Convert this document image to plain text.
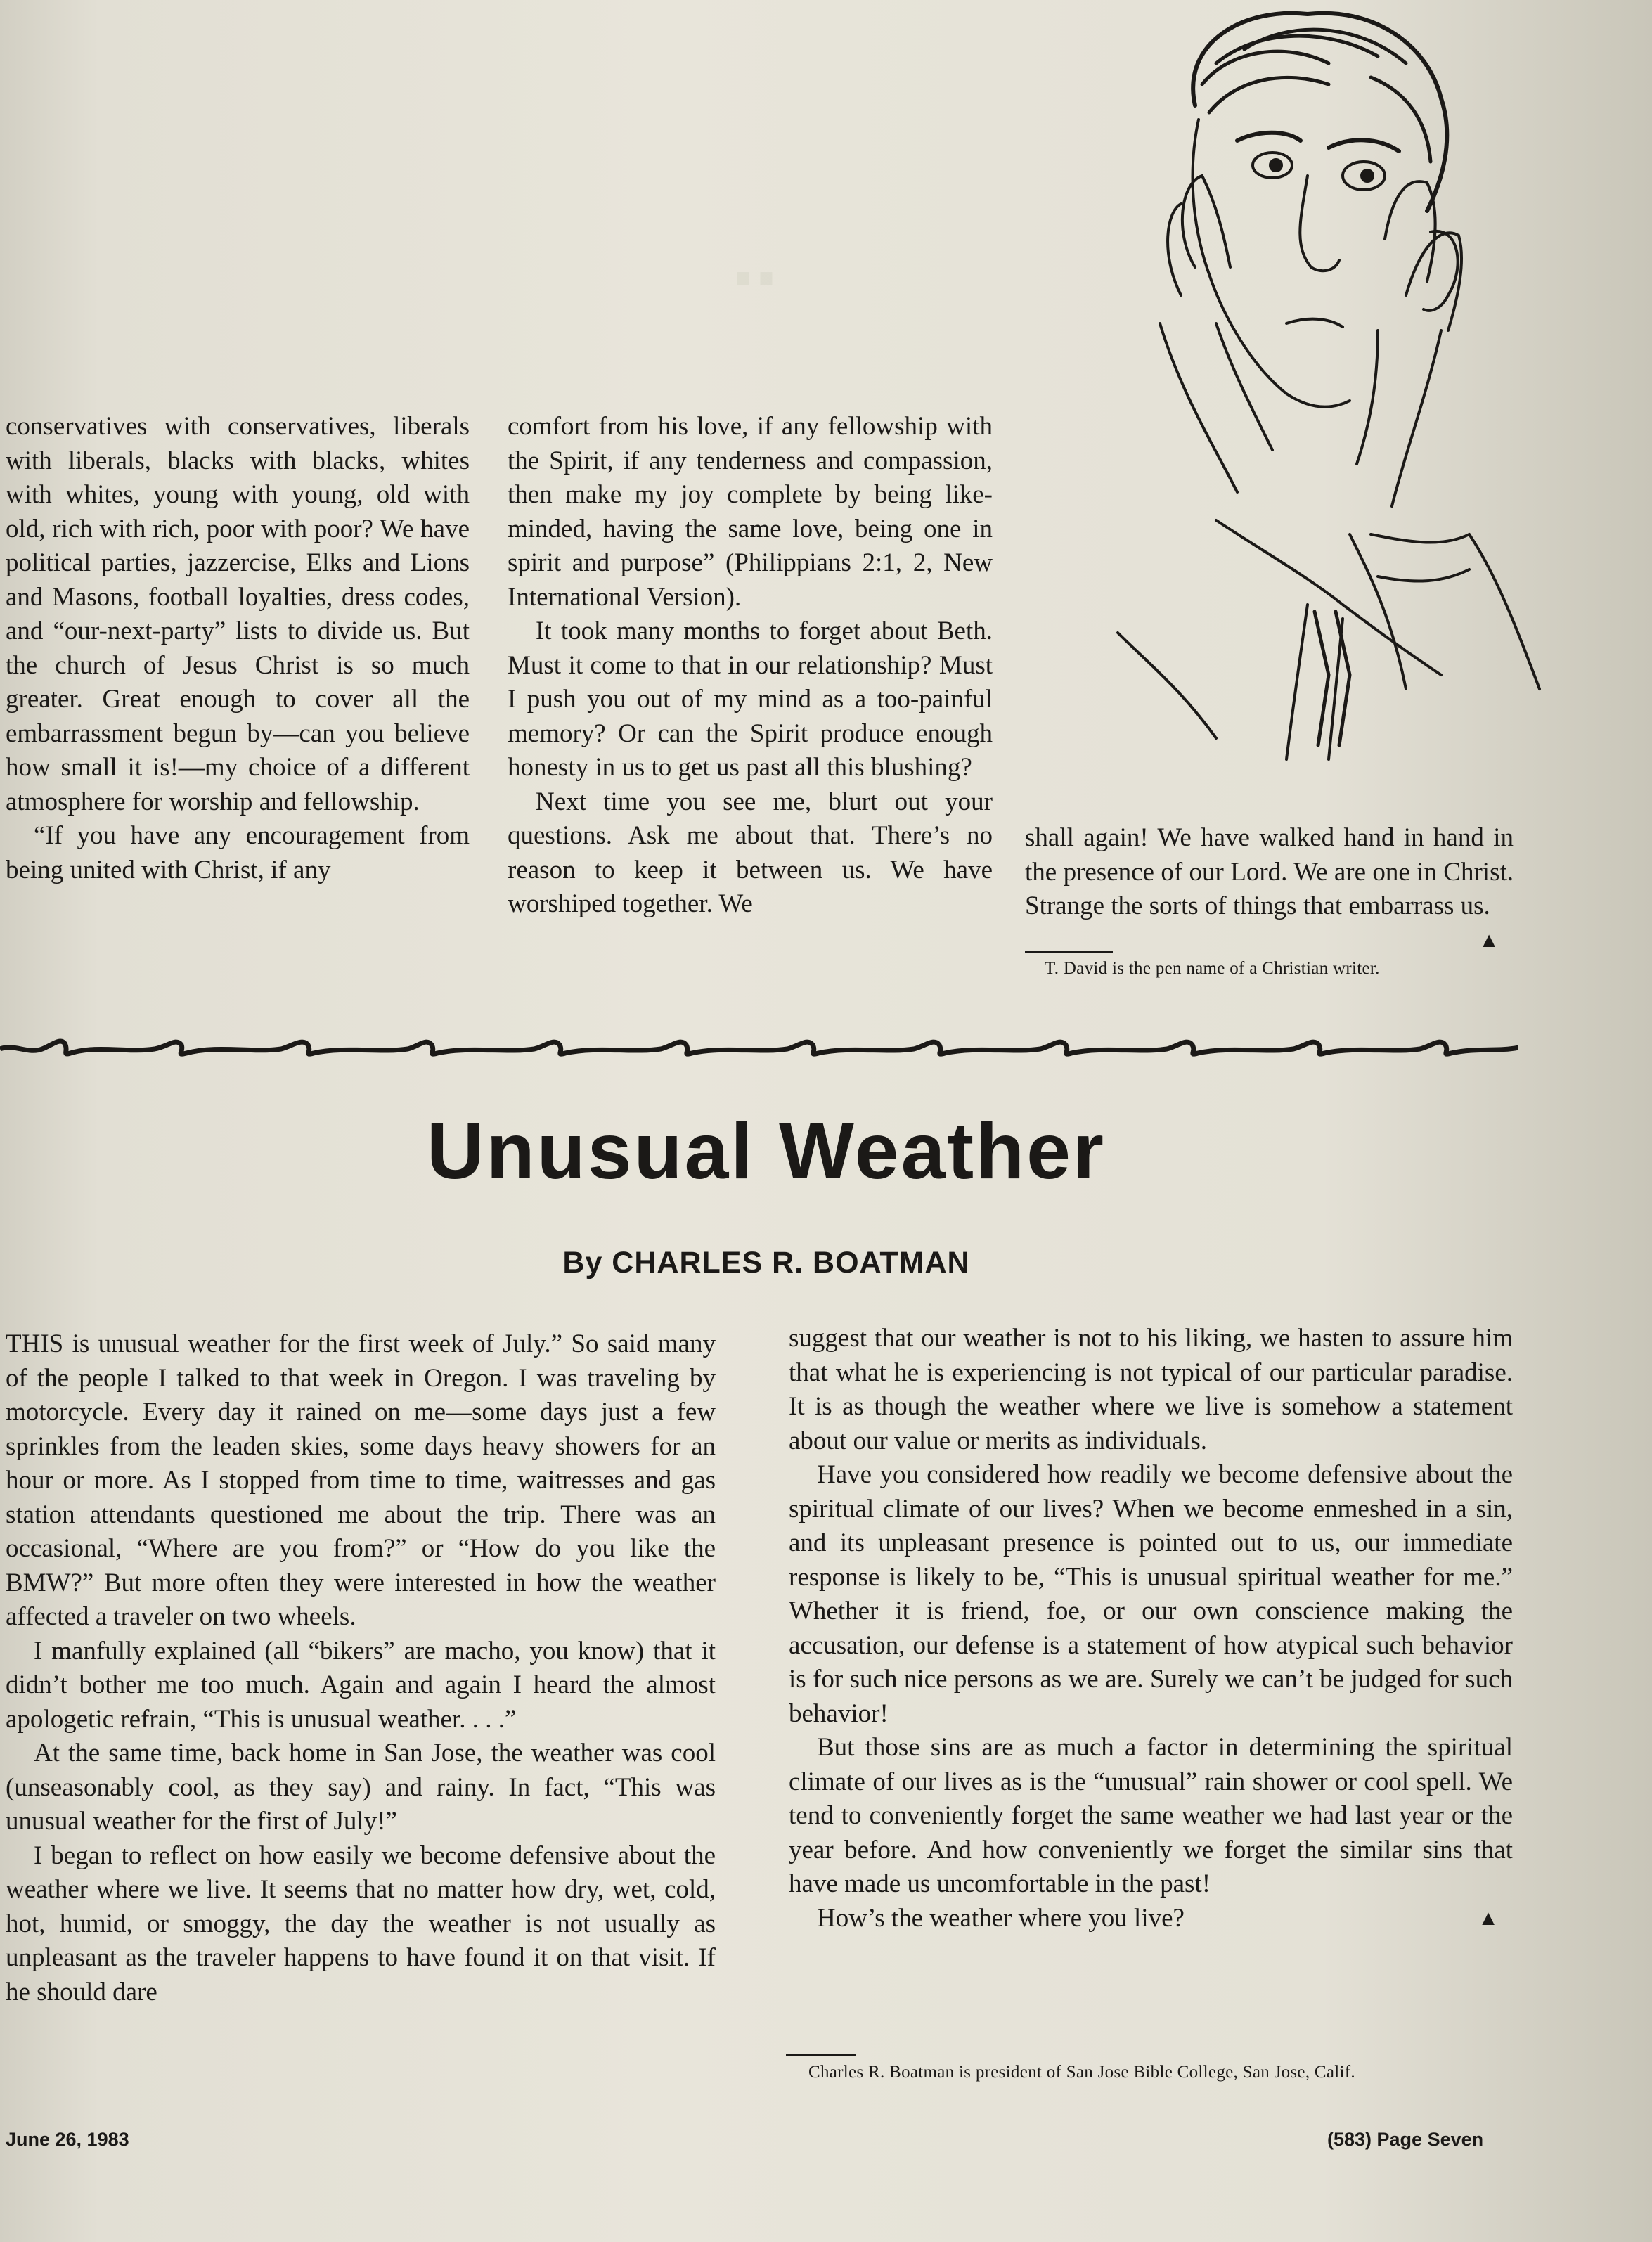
..

conservatives with conservatives, liberals with liberals, blacks with blacks, whites with whites, young with young, old with old, rich with rich, poor with poor? We have political parties, jazzercise, Elks and Lions and Masons, football loyalties, dress codes, and “our-next-party” lists to divide us. But the church of Jesus Christ is so much greater. Great enough to cover all the embarrassment begun by—can you believe how small it is!—my choice of a different atmosphere for worship and fellowship.

“If you have any encouragement from being united with Christ, if any

comfort from his love, if any fellowship with the Spirit, if any tenderness and compassion, then make my joy complete by being like-minded, having the same love, being one in spirit and purpose” (Philippians 2:1, 2, New International Version).

It took many months to forget about Beth. Must it come to that in our relationship? Must I push you out of my mind as a too-painful memory? Or can the Spirit produce enough honesty in us to get us past all this blushing?

Next time you see me, blurt out your questions. Ask me about that. There’s no reason to keep it between us. We have worshiped together. We

shall again! We have walked hand in hand in the presence of our Lord. We are one in Christ. Strange the sorts of things that embarrass us.
▲

T. David is the pen name of a Christian writer.
Unusual Weather
By CHARLES R. BOATMAN

THIS is unusual weather for the first week of July.” So said many of the people I talked to that week in Oregon. I was traveling by motorcycle. Every day it rained on me—some days just a few sprinkles from the leaden skies, some days heavy showers for an hour or more. As I stopped from time to time, waitresses and gas station attendants questioned me about the trip. There was an occasional, “Where are you from?” or “How do you like the BMW?” But more often they were interested in how the weather affected a traveler on two wheels.

I manfully explained (all “bikers” are macho, you know) that it didn’t bother me too much. Again and again I heard the almost apologetic refrain, “This is unusual weather. . . .”

At the same time, back home in San Jose, the weather was cool (unseasonably cool, as they say) and rainy. In fact, “This was unusual weather for the first of July!”

I began to reflect on how easily we become defensive about the weather where we live. It seems that no matter how dry, wet, cold, hot, humid, or smoggy, the day the weather is not usually as unpleasant as the traveler happens to have found it on that visit. If he should dare

suggest that our weather is not to his liking, we hasten to assure him that what he is experiencing is not typical of our particular paradise. It is as though the weather where we live is somehow a statement about our value or merits as individuals.

Have you considered how readily we become defensive about the spiritual climate of our lives? When we become enmeshed in a sin, and its unpleasant presence is pointed out to us, our immediate response is likely to be, “This is unusual spiritual weather for me.” Whether it is friend, foe, or our own conscience making the accusation, our defense is a statement of how atypical such behavior is for such nice persons as we are. Surely we can’t be judged for such behavior!

But those sins are as much a factor in determining the spiritual climate of our lives as is the “unusual” rain shower or cool spell. We tend to conveniently forget the same weather we had last year or the year before. And how conveniently we forget the similar sins that have made us uncomfortable in the past!

How’s the weather where you live?	▲

Charles R. Boatman is president of San Jose Bible College, San Jose, Calif.
June 26, 1983	(583) Page Seven
